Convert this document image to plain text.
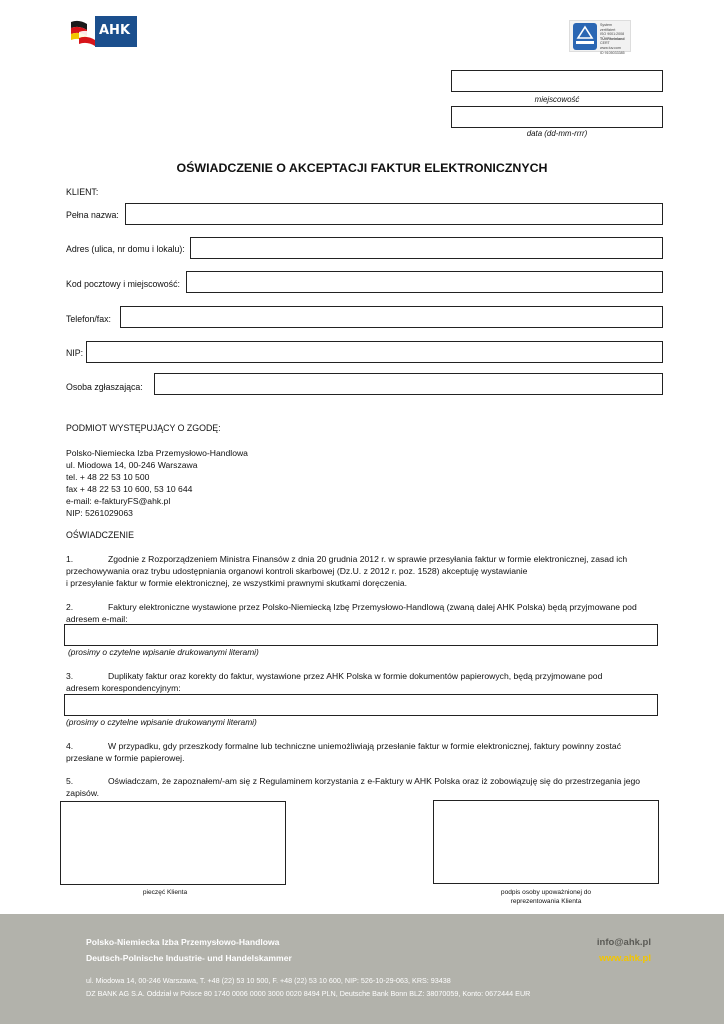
AHK	System
zertifiziert
ISO 9001:2008
TÜVRheinland
CERT
www.tuv.com
ID 9105033385
miejscowość
data (dd-mm-rrrr)
OŚWIADCZENIE O AKCEPTACJI FAKTUR ELEKTRONICZNYCH
KLIENT:
Pełna nazwa:
Adres (ulica, nr domu i lokalu):
Kod pocztowy i miejscowość:
Telefon/fax:
NIP:
Osoba zgłaszająca:
PODMIOT WYSTĘPUJĄCY O ZGODĘ:
Polsko-Niemiecka Izba Przemysłowo-Handlowa
ul. Miodowa 14, 00-246 Warszawa
tel. + 48 22 53 10 500
fax + 48 22 53 10 600, 53 10 644
e-mail: e-fakturyFS@ahk.pl
NIP: 5261029063
OŚWIADCZENIE
1.	Zgodnie z Rozporządzeniem Ministra Finansów z dnia 20 grudnia 2012 r. w sprawie przesyłania faktur w formie elektronicznej, zasad ich
przechowywania oraz trybu udostępniania organowi kontroli skarbowej (Dz.U. z 2012 r. poz. 1528) akceptuję wystawianie
i przesyłanie faktur w formie elektronicznej, ze wszystkimi prawnymi skutkami doręczenia.
2.	Faktury elektroniczne wystawione przez Polsko-Niemiecką Izbę Przemysłowo-Handlową (zwaną dalej AHK Polska) będą przyjmowane pod
adresem e-mail:
(prosimy o czytelne wpisanie drukowanymi literami)
3.	Duplikaty faktur oraz korekty do faktur, wystawione przez AHK Polska w formie dokumentów papierowych, będą przyjmowane pod
adresem korespondencyjnym:
(prosimy o czytelne wpisanie drukowanymi literami)
4.	W przypadku, gdy przeszkody formalne lub techniczne uniemożliwiają przesłanie faktur w formie elektronicznej, faktury powinny zostać
przesłane w formie papierowej.
5.	Oświadczam, że zapoznałem/-am się z Regulaminem korzystania z e-Faktury w AHK Polska oraz iż zobowiązuję się do przestrzegania jego
zapisów.
pieczęć Klienta	podpis osoby upoważnionej do
reprezentowania Klienta
Polsko-Niemiecka Izba Przemysłowo-Handlowa
Deutsch-Polnische Industrie- und Handelskammer
info@ahk.pl
www.ahk.pl
ul. Miodowa 14, 00-246 Warszawa, T. +48 (22) 53 10 500, F. +48 (22) 53 10 600, NIP: 526-10-29-063, KRS: 93438
DZ BANK AG S.A. Oddział w Polsce 80 1740 0006 0000 3000 0020 8494 PLN, Deutsche Bank Bonn BLZ: 38070059, Konto: 0672444 EUR
